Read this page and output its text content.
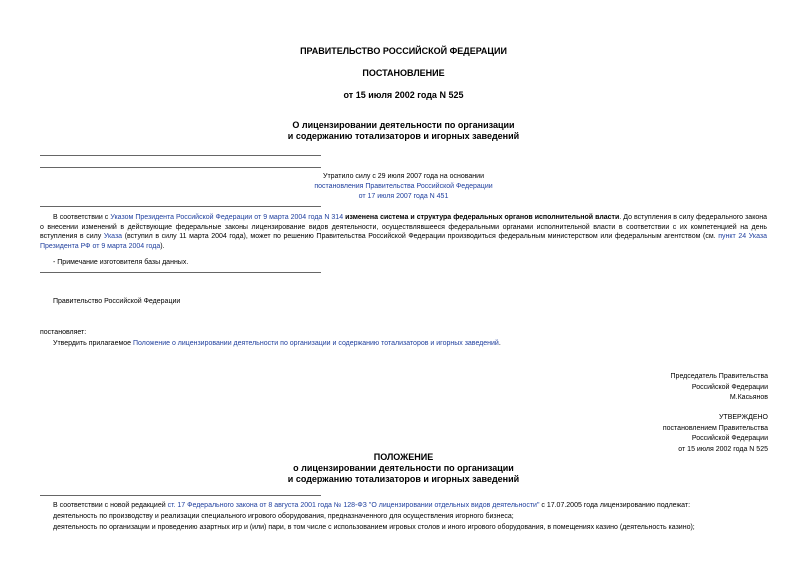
ПРАВИТЕЛЬСТВО РОССИЙСКОЙ ФЕДЕРАЦИИ
ПОСТАНОВЛЕНИЕ
от 15 июля 2002 года N 525
О лицензировании деятельности по организации
и содержанию тотализаторов и игорных заведений
Утратило силу с 29 июля 2007 года на основании
постановления Правительства Российской Федерации
от 17 июля 2007 года N 451
В соответствии с Указом Президента Российской Федерации от 9 марта 2004 года N 314 изменена система и структура федеральных органов исполнительной власти. До вступления в силу федерального закона о внесении изменений в действующие федеральные законы лицензирование видов деятельности, осуществлявшееся федеральными органами исполнительной власти в соответствии с их компетенцией на день вступления в силу Указа (вступил в силу 11 марта 2004 года), может по решению Правительства Российской Федерации производиться федеральным министерством или федеральным агентством (см. пункт 24 Указа Президента РФ от 9 марта 2004 года).
- Примечание изготовителя базы данных.
Правительство Российской Федерации
постановляет:
Утвердить прилагаемое Положение о лицензировании деятельности по организации и содержанию тотализаторов и игорных заведений.
Председатель Правительства
Российской Федерации
М.Касьянов
УТВЕРЖДЕНО
постановлением Правительства
Российской Федерации
от 15 июля 2002 года N 525
ПОЛОЖЕНИЕ
о лицензировании деятельности по организации
и содержанию тотализаторов и игорных заведений
В соответствии с новой редакцией ст. 17 Федерального закона от 8 августа 2001 года № 128-ФЗ "О лицензировании отдельных видов деятельности" с 17.07.2005 года лицензированию подлежат:
деятельность по производству и реализации специального игрового оборудования, предназначенного для осуществления игорного бизнеса;
деятельность по организации и проведению азартных игр и (или) пари, в том числе с использованием игровых столов и иного игрового оборудования, в помещениях казино (деятельность казино);
